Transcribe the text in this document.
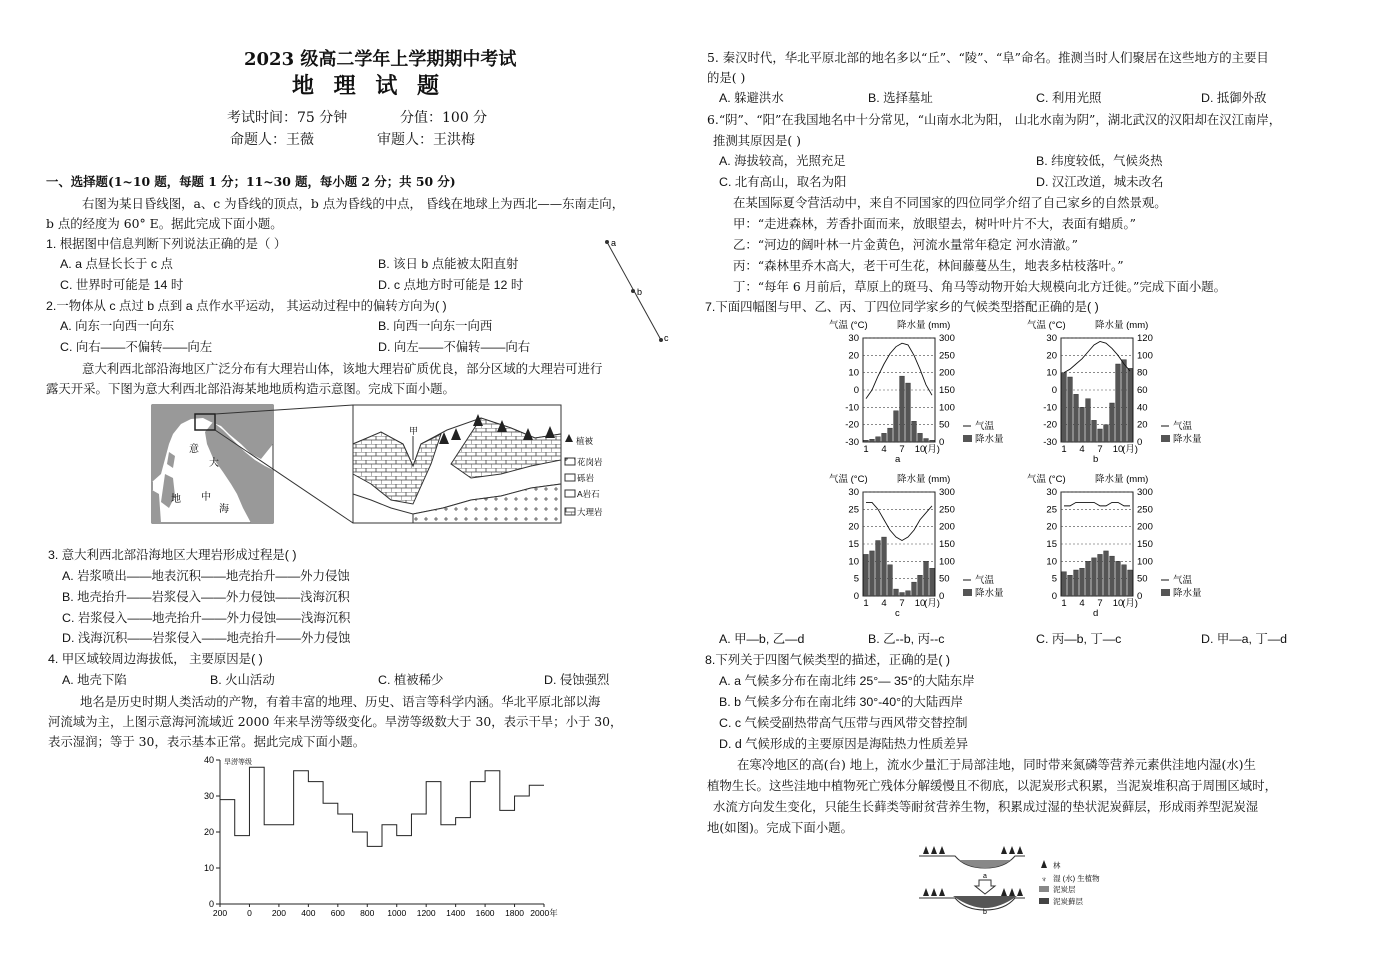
2023 级高二学年上学期期中考试
地 理 试 题
考试时间：75 分钟	分值：100 分
命题人：王薇	审题人：王洪梅
一、选择题(1~10 题，每题 1 分；11~30 题，每小题 2 分；共 50 分)
右图为某日昏线图，a、c 为昏线的顶点，b 点为昏线的中点， 昏线在地球上为西北——东南走向，
b 点的经度为 60° E。据此完成下面小题。
1. 根据图中信息判断下列说法正确的是（ ）
A. a 点昼长长于 c 点	B. 该日 b 点能被太阳直射
C. 世界时可能是 14 时	D. c 点地方时可能是 12 时
2.一物体从 c 点过 b 点到 a 点作水平运动， 其运动过程中的偏转方向为( )
A. 向东一向西一向东	B. 向西一向东一向西
C. 向右——不偏转——向左	D. 向左——不偏转——向右
a
b
c
意大利西北部沿海地区广泛分布有大理岩山体，该地大理岩矿质优良，部分区域的大理岩可进行
露天开采。下图为意大利西北部沿海某地地质构造示意图。完成下面小题。
意
大
地 中
海
甲
植被
花岗岩
砾岩
A岩石
大理岩
3. 意大利西北部沿海地区大理岩形成过程是( )
A. 岩浆喷出——地表沉积——地壳抬升——外力侵蚀
B. 地壳抬升——岩浆侵入——外力侵蚀——浅海沉积
C. 岩浆侵入——地壳抬升——外力侵蚀——浅海沉积
D. 浅海沉积——岩浆侵入——地壳抬升——外力侵蚀
4. 甲区域较周边海拔低， 主要原因是( )
A. 地壳下陷	B. 火山活动	C. 植被稀少	D. 侵蚀强烈
地名是历史时期人类活动的产物，有着丰富的地理、历史、语言等科学内涵。华北平原北部以海
河流域为主，上图示意海河流域近 2000 年来旱涝等级变化。旱涝等级数大于 30，表示干旱；小于 30，
表示湿润；等于 30，表示基本正常。据此完成下面小题。
0
10
20
30
40
200 0 200 400 600 800 1000 1200 1400 1600 1800 2000年
旱涝等级
5. 秦汉时代，华北平原北部的地名多以“丘”、“陵”、“阜”命名。推测当时人们聚居在这些地方的主要目
的是( )
A. 躲避洪水	B. 选择墓址	C. 利用光照	D. 抵御外敌
6.“阴”、“阳”在我国地名中十分常见，“山南水北为阳， 山北水南为阴”，湖北武汉的汉阳却在汉江南岸，
推测其原因是( )
A. 海拔较高，光照充足	B. 纬度较低，气候炎热
C. 北有高山，取名为阳	D. 汉江改道，城未改名
在某国际夏令营活动中，来自不同国家的四位同学介绍了自己家乡的自然景观。
甲：“走进森林，芳香扑面而来，放眼望去，树叶叶片不大，表面有蜡质。”
乙：“河边的阔叶林一片金黄色，河流水量常年稳定 河水清澈。”
丙：“森林里乔木高大，老干可生花，林间藤蔓丛生，地表多枯枝落叶。”
丁：“每年 6 月前后，草原上的斑马、角马等动物开始大规模向北方迁徙。”完成下面小题。
7.下面四幅图与甲、乙、丙、丁四位同学家乡的气候类型搭配正确的是( )
气温 (°C)	降水量 (mm)
-30
-20
-10
0
10
20
30
0
50
100
150
200
250
300
1 4 7 10
(月)
a
气温
降水量
气温 (°C)	降水量 (mm)
-30
-20
-10
0
10
20
30
0
20
40
60
80
100
120
1 4 7 10
(月)
b
气温
降水量
气温 (°C)	降水量 (mm)
0
5
10
15
20
25
30
0
50
100
150
200
250
300
1 4 7 10
(月)
c
气温
降水量
气温 (°C)	降水量 (mm)
0
5
10
15
20
25
30
0
50
100
150
200
250
300
1 4 7 10
(月)
d
气温
降水量
A. 甲—b, 乙—d	B. 乙--b, 丙--c	C. 丙—b, 丁—c	D. 甲—a, 丁—d
8.下列关于四图气候类型的描述，正确的是( )
A. a 气候多分布在南北纬 25°— 35°的大陆东岸
B. b 气候多分布在南北纬 30°-40°的大陆西岸
C. c 气候受副热带高气压带与西风带交替控制
D. d 气候形成的主要原因是海陆热力性质差异
在寒冷地区的高(台) 地上，流水少量汇于局部洼地，同时带来氮磷等营养元素供洼地内湿(水)生
植物生长。这些洼地中植物死亡残体分解缓慢且不彻底，以泥炭形式积累，当泥炭堆积高于周围区域时，
水流方向发生变化，只能生长藓类等耐贫营养生物，积累成过湿的垫状泥炭藓层，形成雨养型泥炭湿
地(如图)。完成下面小题。
a
b
林
♆ 湿 (水) 生植物
泥炭层
泥炭藓层
